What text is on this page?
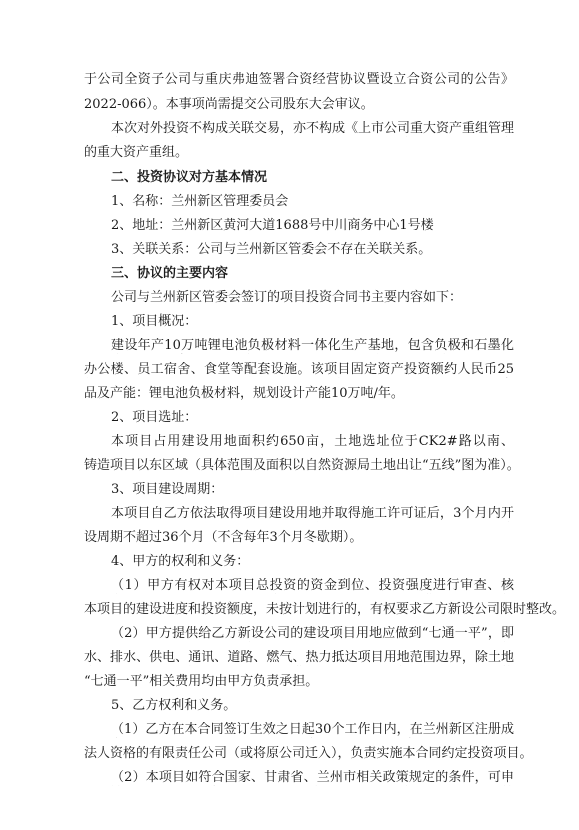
于公司全资子公司与重庆弗迪签署合资经营协议暨设立合资公司的公告》
2022-066）。本事项尚需提交公司股东大会审议。
本次对外投资不构成关联交易，亦不构成《上市公司重大资产重组管理
的重大资产重组。
二、投资协议对方基本情况
1、名称：兰州新区管理委员会
2、地址：兰州新区黄河大道1688号中川商务中心1号楼
3、关联关系：公司与兰州新区管委会不存在关联关系。
三、协议的主要内容
公司与兰州新区管委会签订的项目投资合同书主要内容如下：
1、项目概况：
建设年产10万吨锂电池负极材料一体化生产基地，包含负极和石墨化
办公楼、员工宿舍、食堂等配套设施。该项目固定资产投资额约人民币25
品及产能：锂电池负极材料，规划设计产能10万吨/年。
2、项目选址：
本项目占用建设用地面积约650亩，土地选址位于CK2#路以南、
铸造项目以东区域（具体范围及面积以自然资源局土地出让“五线”图为准）。
3、项目建设周期：
本项目自乙方依法取得项目建设用地并取得施工许可证后，3个月内开
设周期不超过36个月（不含每年3个月冬歇期）。
4、甲方的权利和义务：
（1）甲方有权对本项目总投资的资金到位、投资强度进行审查、核
本项目的建设进度和投资额度，未按计划进行的，有权要求乙方新设公司限时整改。
（2）甲方提供给乙方新设公司的建设项目用地应做到“七通一平”，即
水、排水、供电、通讯、道路、燃气、热力抵达项目用地范围边界，除土地
“七通一平”相关费用均由甲方负责承担。
5、乙方权利和义务。
（1）乙方在本合同签订生效之日起30个工作日内，在兰州新区注册成
法人资格的有限责任公司（或将原公司迁入），负责实施本合同约定投资项目。
（2）本项目如符合国家、甘肃省、兰州市相关政策规定的条件，可申
